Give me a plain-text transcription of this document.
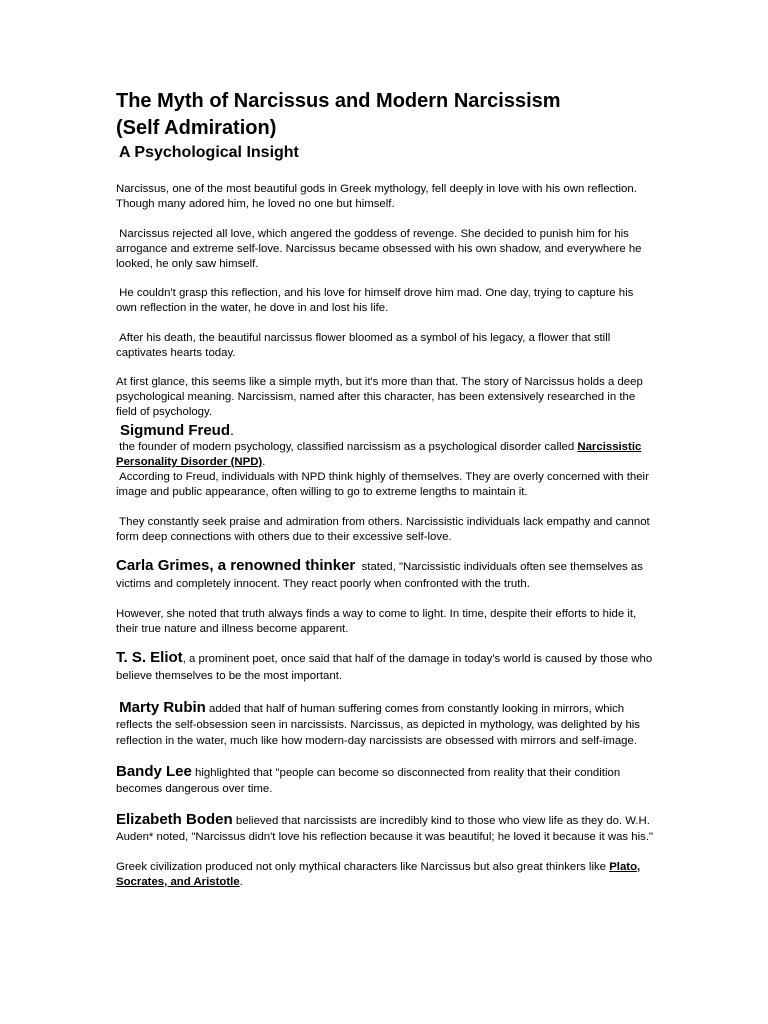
The Myth of Narcissus and Modern Narcissism
(Self Admiration)
A Psychological Insight

Narcissus, one of the most beautiful gods in Greek mythology, fell deeply in love with his own reflection. Though many adored him, he loved no one but himself.

Narcissus rejected all love, which angered the goddess of revenge. She decided to punish him for his arrogance and extreme self-love. Narcissus became obsessed with his own shadow, and everywhere he looked, he only saw himself.

He couldn't grasp this reflection, and his love for himself drove him mad. One day, trying to capture his own reflection in the water, he dove in and lost his life.

After his death, the beautiful narcissus flower bloomed as a symbol of his legacy, a flower that still captivates hearts today.

At first glance, this seems like a simple myth, but it's more than that. The story of Narcissus holds a deep psychological meaning. Narcissism, named after this character, has been extensively researched in the field of psychology.

Sigmund Freud.

the founder of modern psychology, classified narcissism as a psychological disorder called Narcissistic Personality Disorder (NPD).

According to Freud, individuals with NPD think highly of themselves. They are overly concerned with their image and public appearance, often willing to go to extreme lengths to maintain it.

They constantly seek praise and admiration from others. Narcissistic individuals lack empathy and cannot form deep connections with others due to their excessive self-love.

Carla Grimes, a renowned thinker stated, "Narcissistic individuals often see themselves as victims and completely innocent. They react poorly when confronted with the truth.

However, she noted that truth always finds a way to come to light. In time, despite their efforts to hide it, their true nature and illness become apparent.

T. S. Eliot, a prominent poet, once said that half of the damage in today's world is caused by those who believe themselves to be the most important.

Marty Rubin added that half of human suffering comes from constantly looking in mirrors, which reflects the self-obsession seen in narcissists. Narcissus, as depicted in mythology, was delighted by his reflection in the water, much like how modern-day narcissists are obsessed with mirrors and self-image.

Bandy Lee highlighted that "people can become so disconnected from reality that their condition becomes dangerous over time.

Elizabeth Boden believed that narcissists are incredibly kind to those who view life as they do. W.H. Auden* noted, "Narcissus didn't love his reflection because it was beautiful; he loved it because it was his."

Greek civilization produced not only mythical characters like Narcissus but also great thinkers like Plato, Socrates, and Aristotle.
